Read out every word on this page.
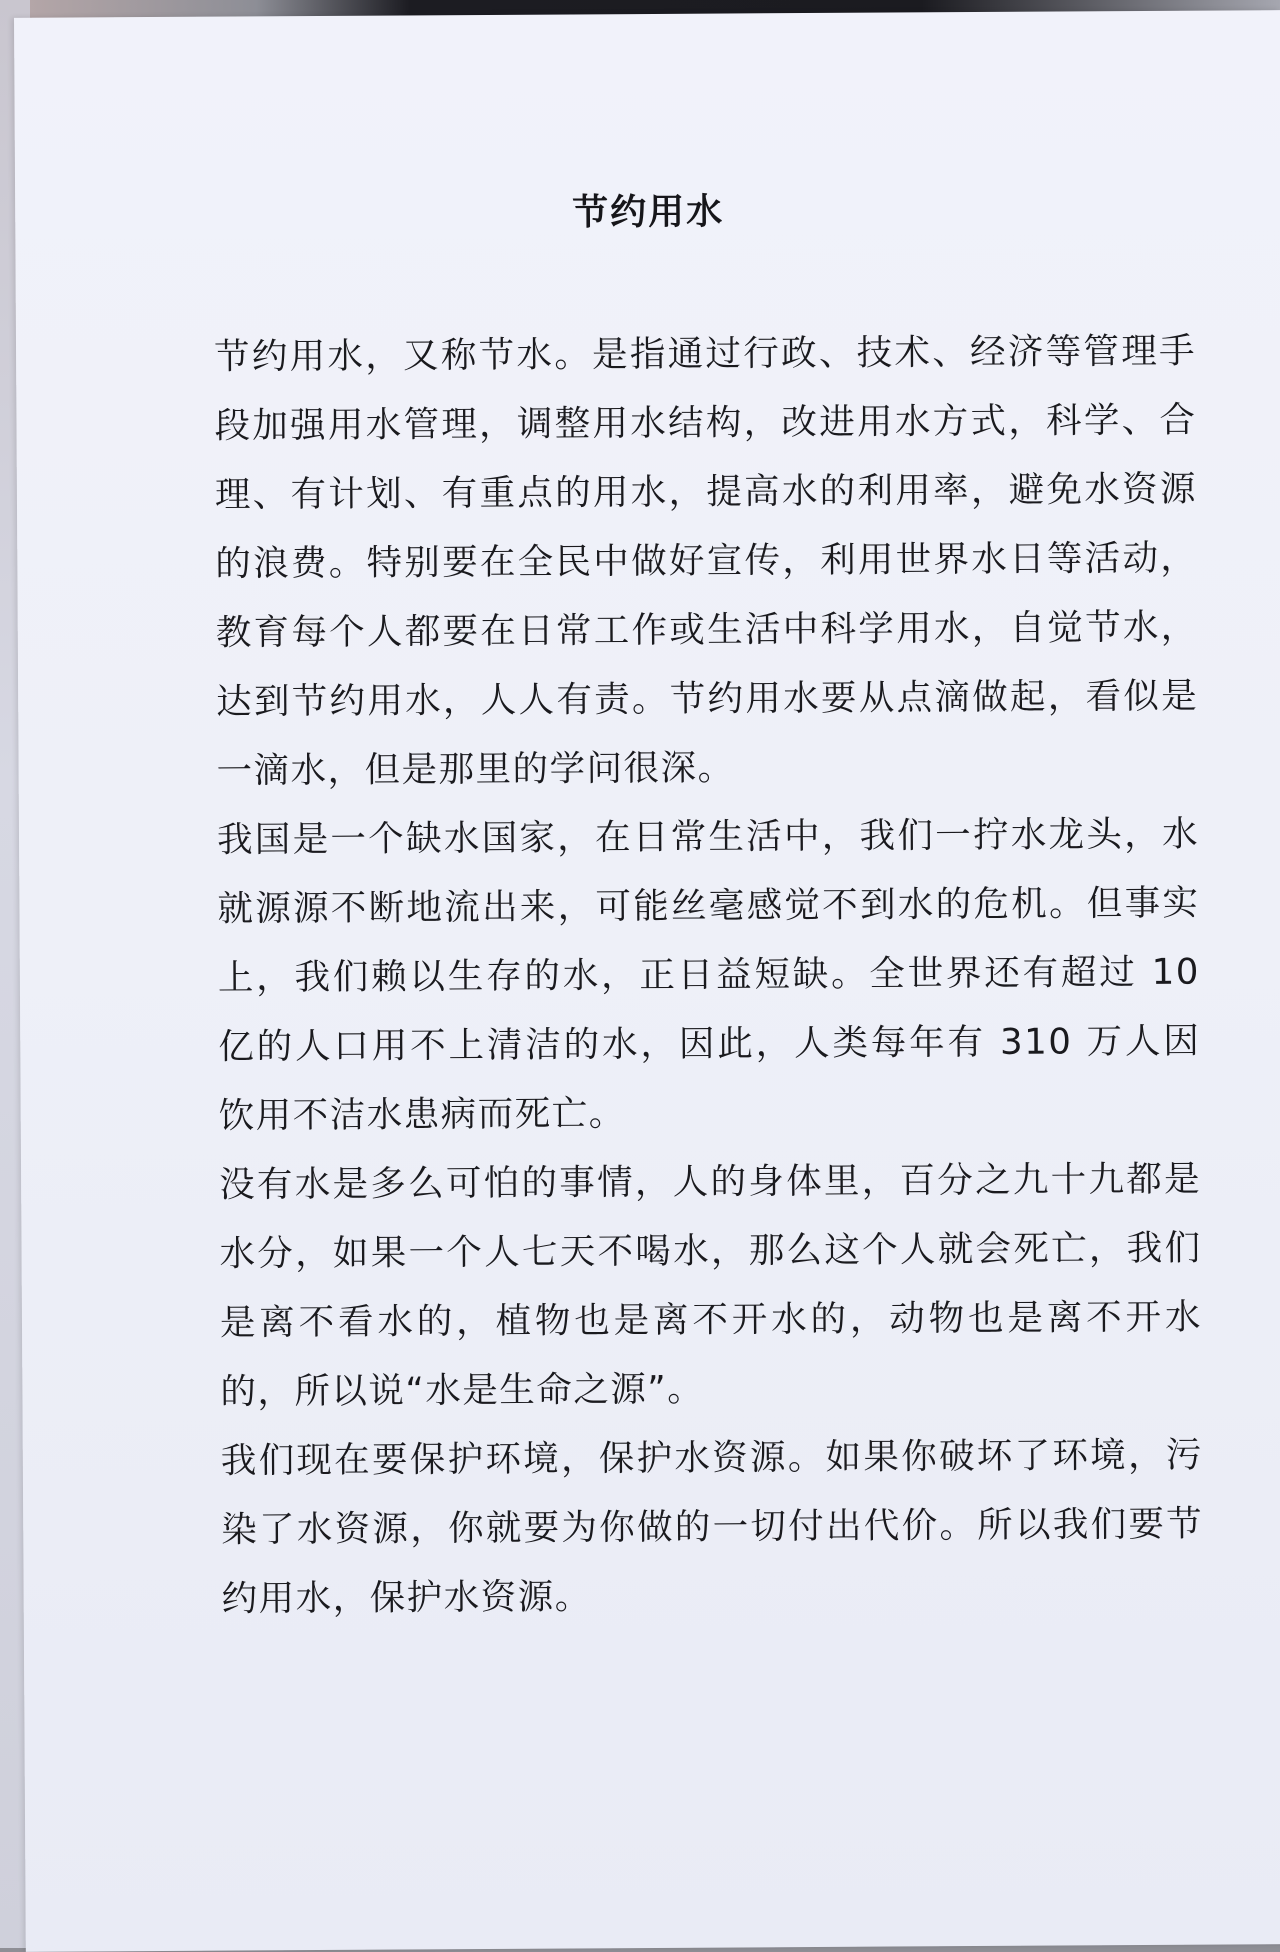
节约用水

节约用水，又称节水。是指通过行政、技术、经济等管理手段加强用水管理，调整用水结构，改进用水方式，科学、合理、有计划、有重点的用水，提高水的利用率，避免水资源的浪费。特别要在全民中做好宣传，利用世界水日等活动，教育每个人都要在日常工作或生活中科学用水，自觉节水，达到节约用水，人人有责。节约用水要从点滴做起，看似是一滴水，但是那里的学问很深。

我国是一个缺水国家，在日常生活中，我们一拧水龙头，水就源源不断地流出来，可能丝毫感觉不到水的危机。但事实上，我们赖以生存的水，正日益短缺。全世界还有超过 10 亿的人口用不上清洁的水，因此，人类每年有 310 万人因饮用不洁水患病而死亡。

没有水是多么可怕的事情，人的身体里，百分之九十九都是水分，如果一个人七天不喝水，那么这个人就会死亡，我们是离不看水的，植物也是离不开水的，动物也是离不开水的，所以说“水是生命之源”。

我们现在要保护环境，保护水资源。如果你破坏了环境，污染了水资源，你就要为你做的一切付出代价。所以我们要节约用水，保护水资源。
